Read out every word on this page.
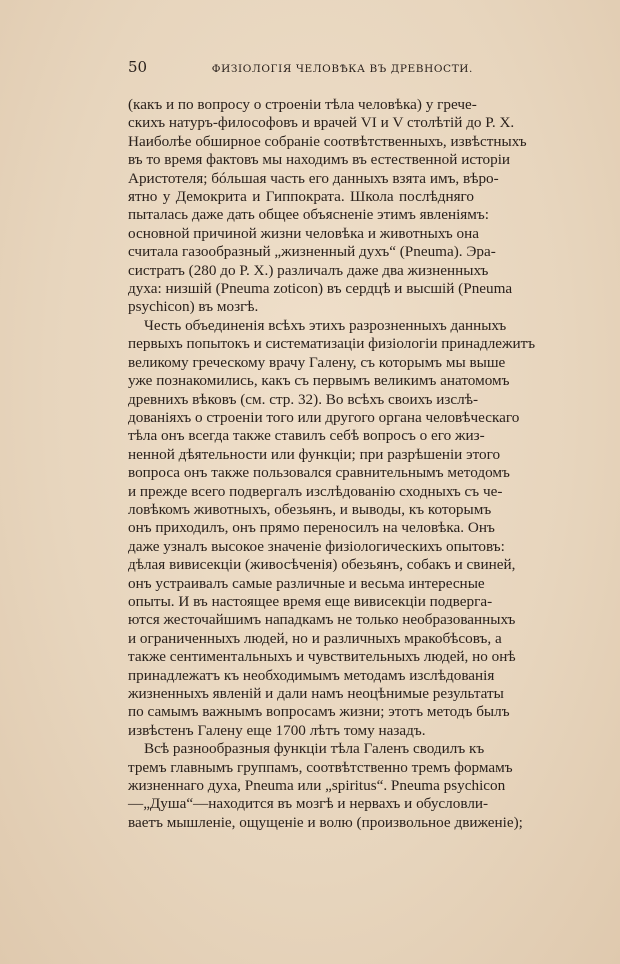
50	ФИЗІОЛОГІЯ ЧЕЛОВѢКА ВЪ ДРЕВНОСТИ.
(какъ и по вопросу о строеніи тѣла человѣка) у грече-
скихъ натуръ-философовъ и врачей VI и V столѣтій до Р. Х.
Наиболѣе обширное собраніе соотвѣтственныхъ, извѣстныхъ
въ то время фактовъ мы находимъ въ естественной исторіи
Аристотеля; бóльшая часть его данныхъ взята имъ, вѣро-
ятно у Демокрита и Гиппократа. Школа послѣдняго
пыталась даже дать общее объясненіе этимъ явленіямъ:
основной причиной жизни человѣка и животныхъ она
считала газообразный „жизненный духъ“ (Pneuma). Эра-
систратъ (280 до Р. Х.) различалъ даже два жизненныхъ
духа: низшій (Pneuma zoticon) въ сердцѣ и высшій (Pneuma
psychicon) въ мозгѣ.
Честь объединенія всѣхъ этихъ разрозненныхъ данныхъ
первыхъ попытокъ и систематизаціи физіологіи принадлежитъ
великому греческому врачу Галену, съ которымъ мы выше
уже познакомились, какъ съ первымъ великимъ анатомомъ
древнихъ вѣковъ (см. стр. 32). Во всѣхъ своихъ изслѣ-
дованіяхъ о строеніи того или другого органа человѣческаго
тѣла онъ всегда также ставилъ себѣ вопросъ о его жиз-
ненной дѣятельности или функціи; при разрѣшеніи этого
вопроса онъ также пользовался сравнительнымъ методомъ
и прежде всего подвергалъ изслѣдованію сходныхъ съ че-
ловѣкомъ животныхъ, обезьянъ, и выводы, къ которымъ
онъ приходилъ, онъ прямо переносилъ на человѣка. Онъ
даже узналъ высокое значеніе физіологическихъ опытовъ:
дѣлая вивисекціи (живосѣченія) обезьянъ, собакъ и свиней,
онъ устраивалъ самые различные и весьма интересные
опыты. И въ настоящее время еще вивисекціи подверга-
ются жесточайшимъ нападкамъ не только необразованныхъ
и ограниченныхъ людей, но и различныхъ мракобѣсовъ, а
также сентиментальныхъ и чувствительныхъ людей, но онѣ
принадлежатъ къ необходимымъ методамъ изслѣдованія
жизненныхъ явленій и дали намъ неоцѣнимые результаты
по самымъ важнымъ вопросамъ жизни; этотъ методъ былъ
извѣстенъ Галену еще 1700 лѣтъ тому назадъ.
Всѣ разнообразныя функціи тѣла Галенъ сводилъ къ
тремъ главнымъ группамъ, соотвѣтственно тремъ формамъ
жизненнаго духа, Pneuma или „spiritus“. Pneuma psychicon
—„Душа“—находится въ мозгѣ и нервахъ и обусловли-
ваетъ мышленіе, ощущеніе и волю (произвольное движеніе);
